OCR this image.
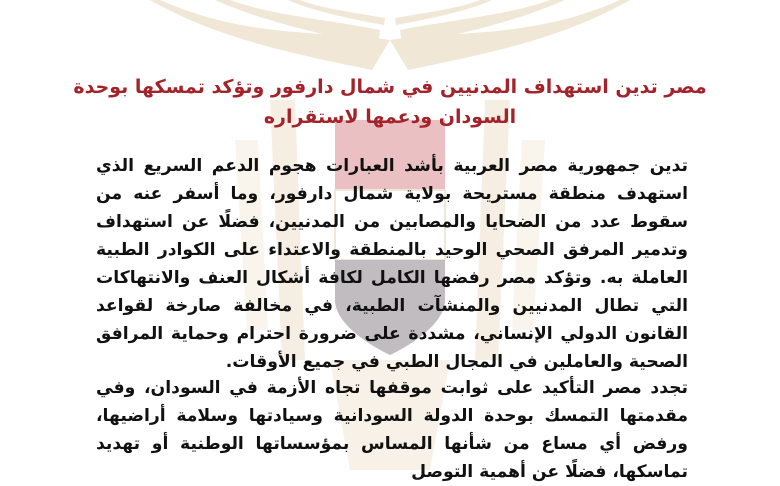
مصر تدين استهداف المدنيين في شمال دارفور وتؤكد تمسكها بوحدة السودان ودعمها لاستقراره

تدين جمهورية مصر العربية بأشد العبارات هجوم الدعم السريع الذي استهدف منطقة مستريحة بولاية شمال دارفور، وما أسفر عنه من سقوط عدد من الضحايا والمصابين من المدنيين، فضلًا عن استهداف وتدمير المرفق الصحي الوحيد بالمنطقة والاعتداء على الكوادر الطبية العاملة به. وتؤكد مصر رفضها الكامل لكافة أشكال العنف والانتهاكات التي تطال المدنيين والمنشآت الطبية، في مخالفة صارخة لقواعد القانون الدولي الإنساني، مشددة على ضرورة احترام وحماية المرافق الصحية والعاملين في المجال الطبي في جميع الأوقات.

تجدد مصر التأكيد على ثوابت موقفها تجاه الأزمة في السودان، وفي مقدمتها التمسك بوحدة الدولة السودانية وسيادتها وسلامة أراضيها، ورفض أي مساع من شأنها المساس بمؤسساتها الوطنية أو تهديد تماسكها، فضلًا عن أهمية التوصل
